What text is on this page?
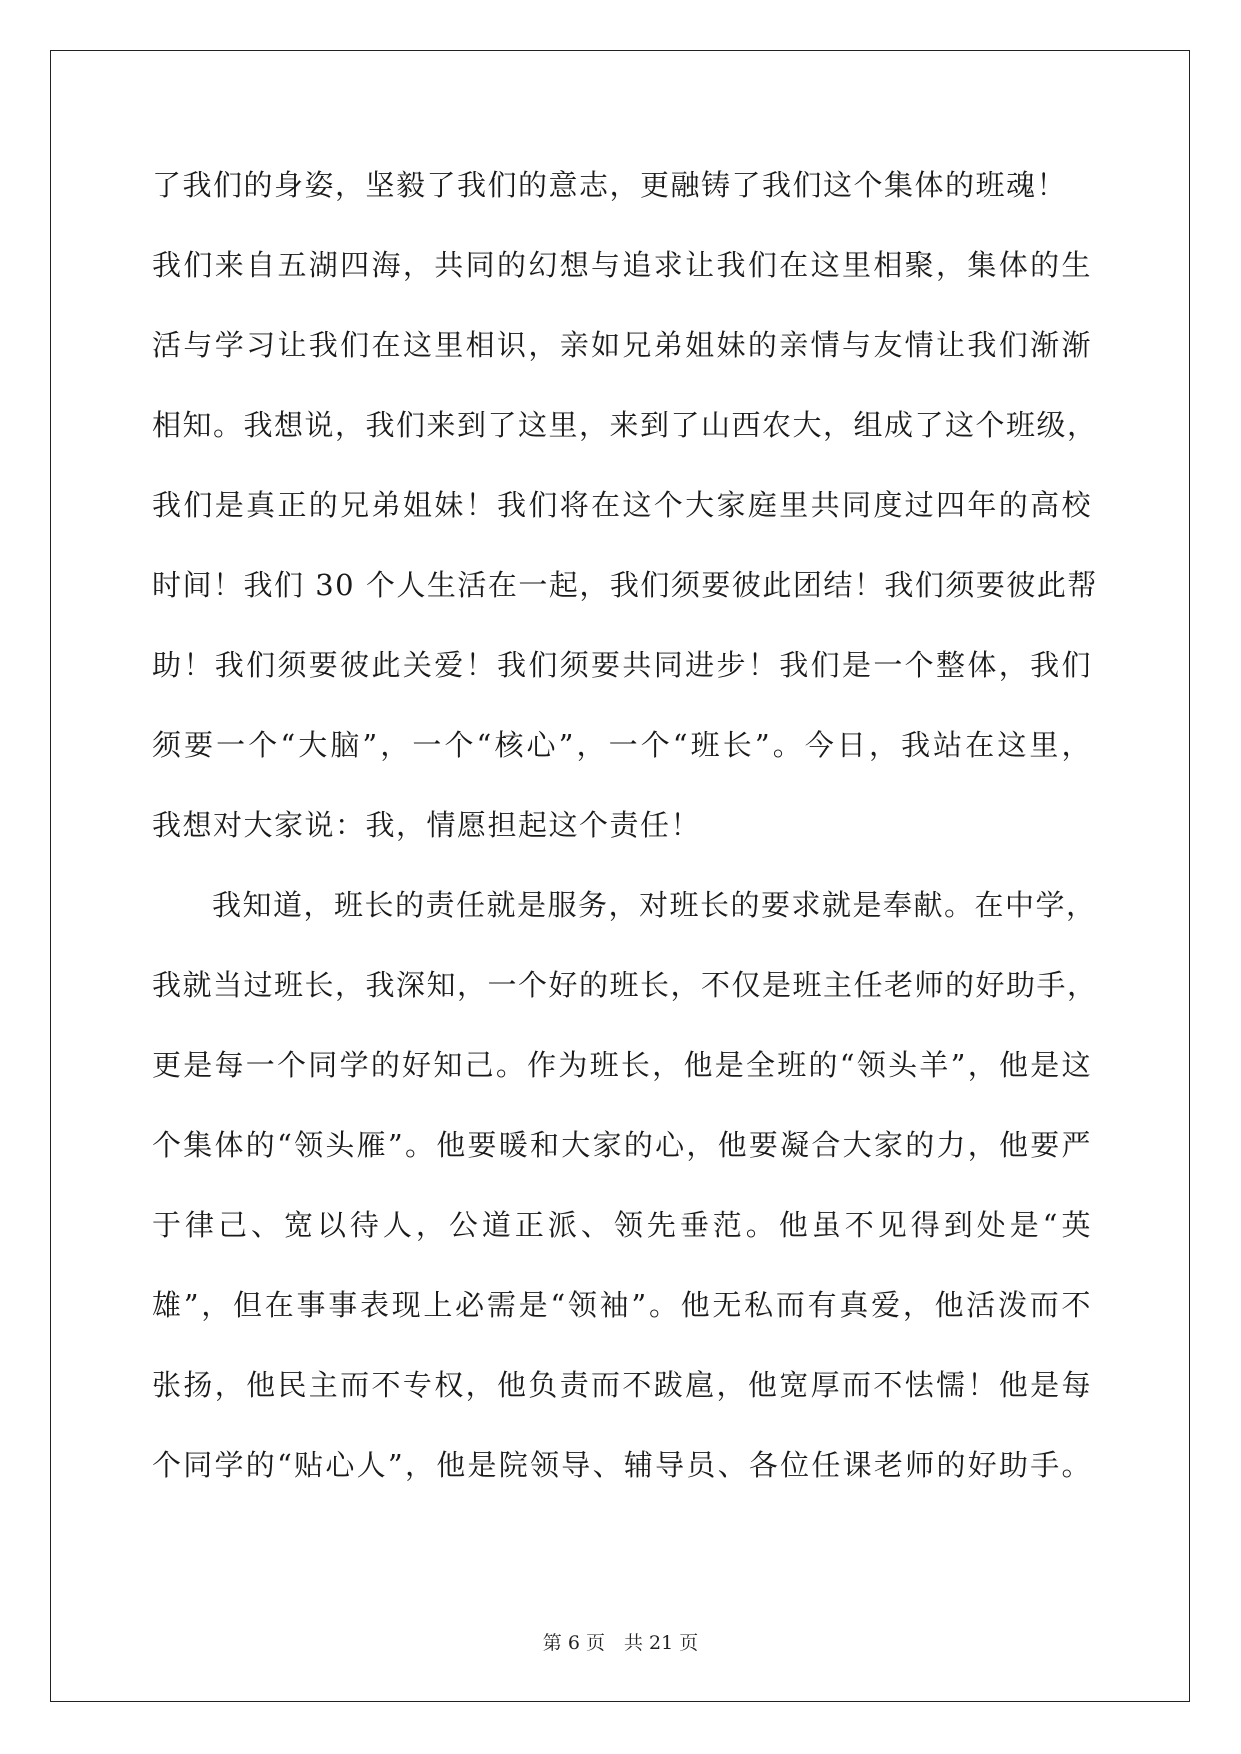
了我们的身姿，坚毅了我们的意志，更融铸了我们这个集体的班魂！
我们来自五湖四海，共同的幻想与追求让我们在这里相聚，集体的生
活与学习让我们在这里相识，亲如兄弟姐妹的亲情与友情让我们渐渐
相知。我想说，我们来到了这里，来到了山西农大，组成了这个班级，
我们是真正的兄弟姐妹！我们将在这个大家庭里共同度过四年的高校
时间！我们 30 个人生活在一起，我们须要彼此团结！我们须要彼此帮
助！我们须要彼此关爱！我们须要共同进步！我们是一个整体，我们
须要一个“大脑”，一个“核心”，一个“班长”。今日，我站在这里，
我想对大家说：我，情愿担起这个责任！
我知道，班长的责任就是服务，对班长的要求就是奉献。在中学，
我就当过班长，我深知，一个好的班长，不仅是班主任老师的好助手，
更是每一个同学的好知己。作为班长，他是全班的“领头羊”，他是这
个集体的“领头雁”。他要暖和大家的心，他要凝合大家的力，他要严
于律己、宽以待人，公道正派、领先垂范。他虽不见得到处是“英
雄”，但在事事表现上必需是“领袖”。他无私而有真爱，他活泼而不
张扬，他民主而不专权，他负责而不跋扈，他宽厚而不怯懦！他是每
个同学的“贴心人”，他是院领导、辅导员、各位任课老师的好助手。
第 6 页　共 21 页
